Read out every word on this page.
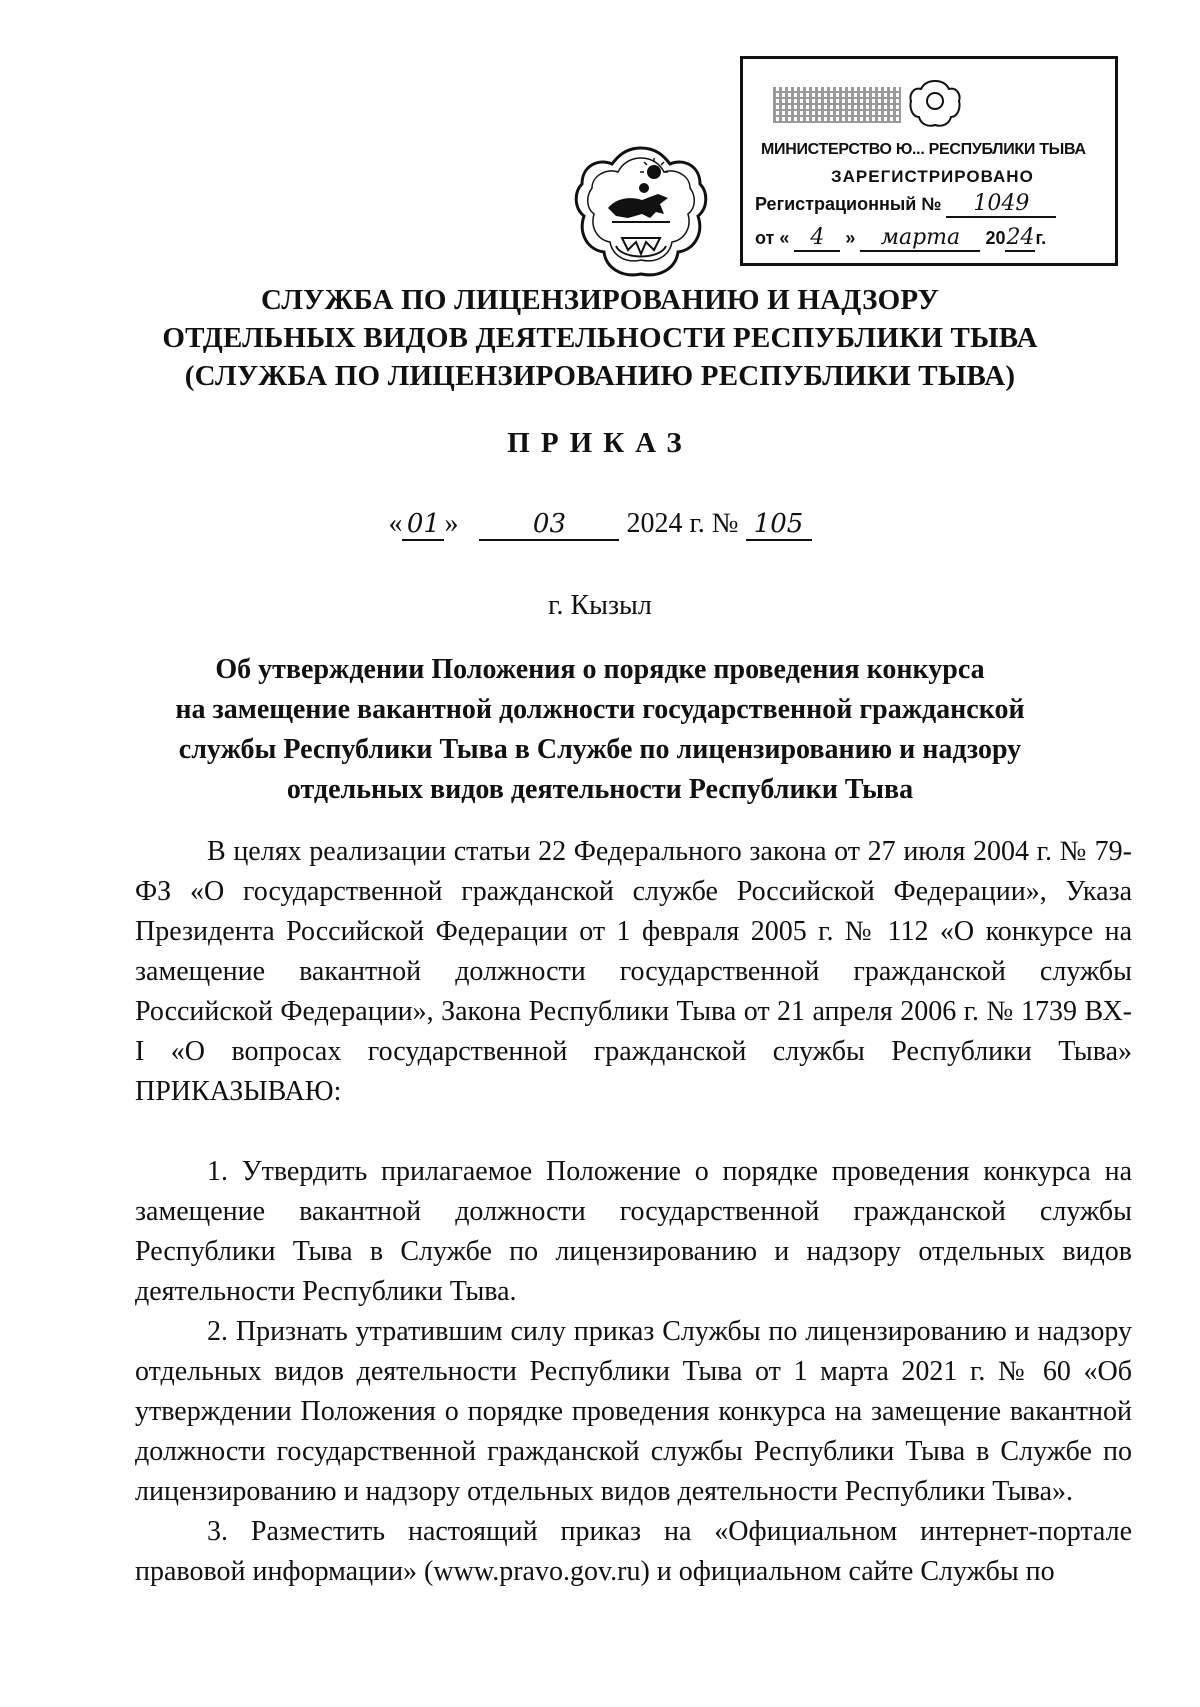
МИНИСТЕРСТВО Ю... РЕСПУБЛИКИ ТЫВА
ЗАРЕГИСТРИРОВАНО
Регистрационный № 1049
от « 4 » марта 2024г.
СЛУЖБА ПО ЛИЦЕНЗИРОВАНИЮ И НАДЗОРУ
ОТДЕЛЬНЫХ ВИДОВ ДЕЯТЕЛЬНОСТИ РЕСПУБЛИКИ ТЫВА
(СЛУЖБА ПО ЛИЦЕНЗИРОВАНИЮ РЕСПУБЛИКИ ТЫВА)
ПРИКАЗ
« 01 »	03 2024 г. № 105
г. Кызыл
Об утверждении Положения о порядке проведения конкурса
на замещение вакантной должности государственной гражданской
службы Республики Тыва в Службе по лицензированию и надзору
отдельных видов деятельности Республики Тыва

В целях реализации статьи 22 Федерального закона от 27 июля 2004 г. № 79-ФЗ «О государственной гражданской службе Российской Федерации», Указа Президента Российской Федерации от 1 февраля 2005 г. № 112 «О конкурсе на замещение вакантной должности государственной гражданской службы Российской Федерации», Закона Республики Тыва от 21 апреля 2006 г. № 1739 ВХ-I «О вопросах государственной гражданской службы Республики Тыва» ПРИКАЗЫВАЮ:

1. Утвердить прилагаемое Положение о порядке проведения конкурса на замещение вакантной должности государственной гражданской службы Республики Тыва в Службе по лицензированию и надзору отдельных видов деятельности Республики Тыва.

2. Признать утратившим силу приказ Службы по лицензированию и надзору отдельных видов деятельности Республики Тыва от 1 марта 2021 г. № 60 «Об утверждении Положения о порядке проведения конкурса на замещение вакантной должности государственной гражданской службы Республики Тыва в Службе по лицензированию и надзору отдельных видов деятельности Республики Тыва».

3. Разместить настоящий приказ на «Официальном интернет-портале правовой информации» (www.pravo.gov.ru) и официальном сайте Службы по
